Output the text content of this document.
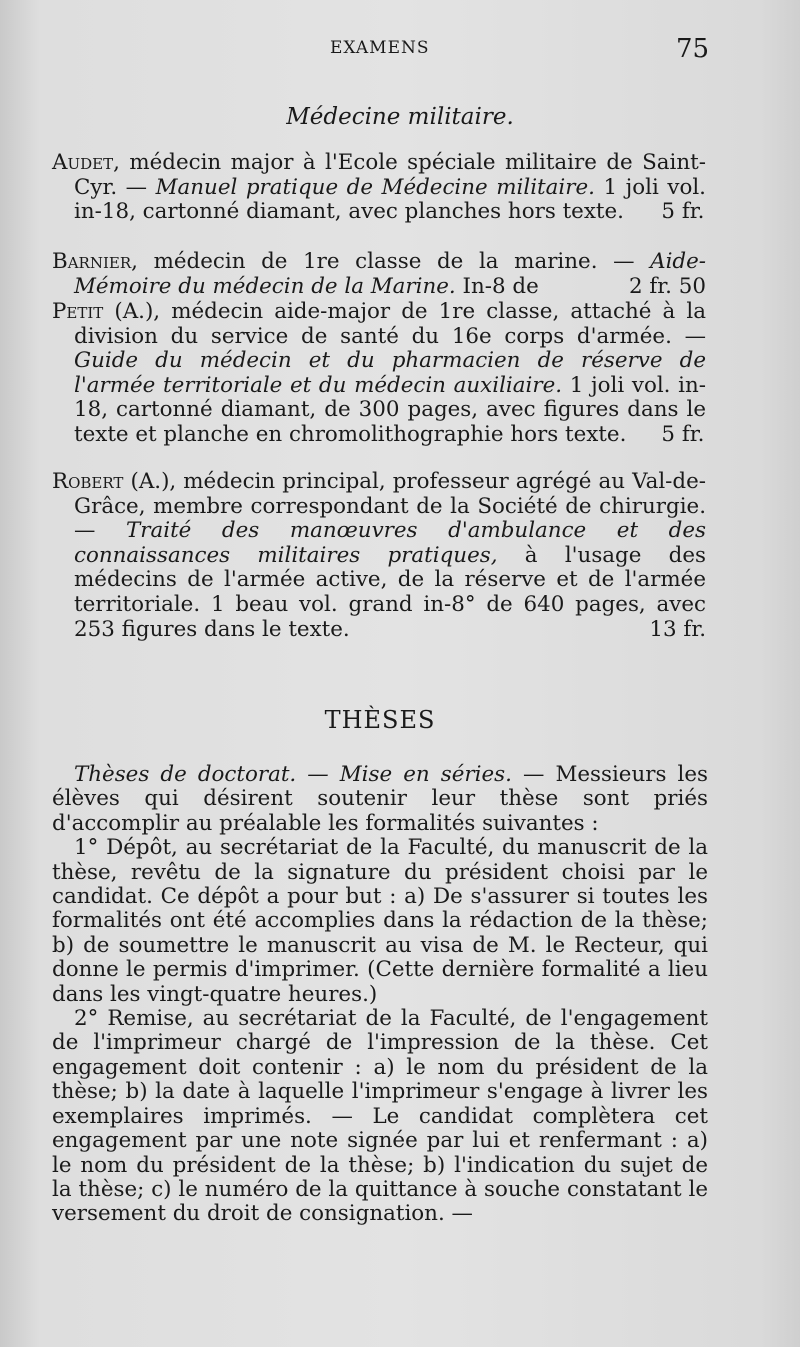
EXAMENS	75
Médecine militaire.

Audet, médecin major à l'Ecole spéciale militaire de Saint-Cyr. — Manuel pratique de Médecine militaire. 1 joli vol. in-18, cartonné diamant, avec planches hors texte. 5 fr.

Barnier, médecin de 1re classe de la marine. — Aide-Mémoire du médecin de la Marine. In-8 de	2 fr. 50

Petit (A.), médecin aide-major de 1re classe, attaché à la division du service de santé du 16e corps d'armée. — Guide du médecin et du pharmacien de réserve de l'armée territoriale et du médecin auxiliaire. 1 joli vol. in-18, cartonné diamant, de 300 pages, avec figures dans le texte et planche en chromolithographie hors texte. 5 fr.

Robert (A.), médecin principal, professeur agrégé au Val-de-Grâce, membre correspondant de la Société de chirurgie. — Traité des manœuvres d'ambulance et des connaissances militaires pratiques, à l'usage des médecins de l'armée active, de la réserve et de l'armée territoriale. 1 beau vol. grand in-8° de 640 pages, avec 253 figures dans le texte.	13 fr.

THÈSES

Thèses de doctorat. — Mise en séries. — Messieurs les élèves qui désirent soutenir leur thèse sont priés d'accomplir au préalable les formalités suivantes :

1° Dépôt, au secrétariat de la Faculté, du manuscrit de la thèse, revêtu de la signature du président choisi par le candidat. Ce dépôt a pour but : a) De s'assurer si toutes les formalités ont été accomplies dans la rédaction de la thèse; b) de soumettre le manuscrit au visa de M. le Recteur, qui donne le permis d'imprimer. (Cette dernière formalité a lieu dans les vingt-quatre heures.)

2° Remise, au secrétariat de la Faculté, de l'engagement de l'imprimeur chargé de l'impression de la thèse. Cet engagement doit contenir : a) le nom du président de la thèse; b) la date à laquelle l'imprimeur s'engage à livrer les exemplaires imprimés. — Le candidat complètera cet engagement par une note signée par lui et renfermant : a) le nom du président de la thèse; b) l'indication du sujet de la thèse; c) le numéro de la quittance à souche constatant le versement du droit de consignation. —
